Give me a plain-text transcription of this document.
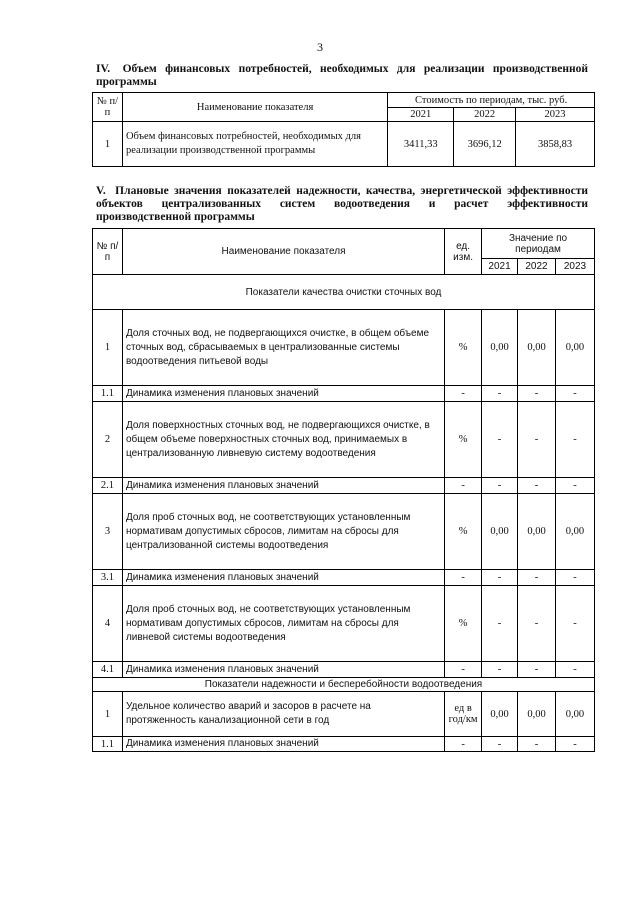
3
IV. Объем финансовых потребностей, необходимых для реализации производственной программы
№ п/п	Наименование показателя	Стоимость по периодам, тыс. руб.		
		2021	2022	2023
1	Объем финансовых потребностей, необходимых для реализации производственной программы	3411,33	3696,12	3858,83
V. Плановые значения показателей надежности, качества, энергетической эффективности объектов централизованных систем водоотведения и расчет эффективности производственной программы
№ п/п	Наименование показателя	ед. изм.	Значение по периодам		
			2021	2022	2023
Показатели качества очистки сточных вод					
1	Доля сточных вод, не подвергающихся очистке, в общем объеме сточных вод, сбрасываемых в централизованные системы водоотведения питьевой воды	%	0,00	0,00	0,00
1.1	Динамика изменения плановых значений	-	-	-	-
2	Доля поверхностных сточных вод, не подвергающихся очистке, в общем объеме поверхностных сточных вод, принимаемых в централизованную ливневую систему водоотведения	%	-	-	-
2.1	Динамика изменения плановых значений	-	-	-	-
3	Доля проб сточных вод, не соответствующих установленным нормативам допустимых сбросов, лимитам на сбросы для централизованной системы водоотведения	%	0,00	0,00	0,00
3.1	Динамика изменения плановых значений	-	-	-	-
4	Доля проб сточных вод, не соответствующих установленным нормативам допустимых сбросов, лимитам на сбросы для ливневой системы водоотведения	%	-	-	-
4.1	Динамика изменения плановых значений	-	-	-	-
Показатели надежности и бесперебойности водоотведения					
1	Удельное количество аварий и засоров в расчете на протяженность канализационной сети в год	ед в год/км	0,00	0,00	0,00
1.1	Динамика изменения плановых значений	-	-	-	-
